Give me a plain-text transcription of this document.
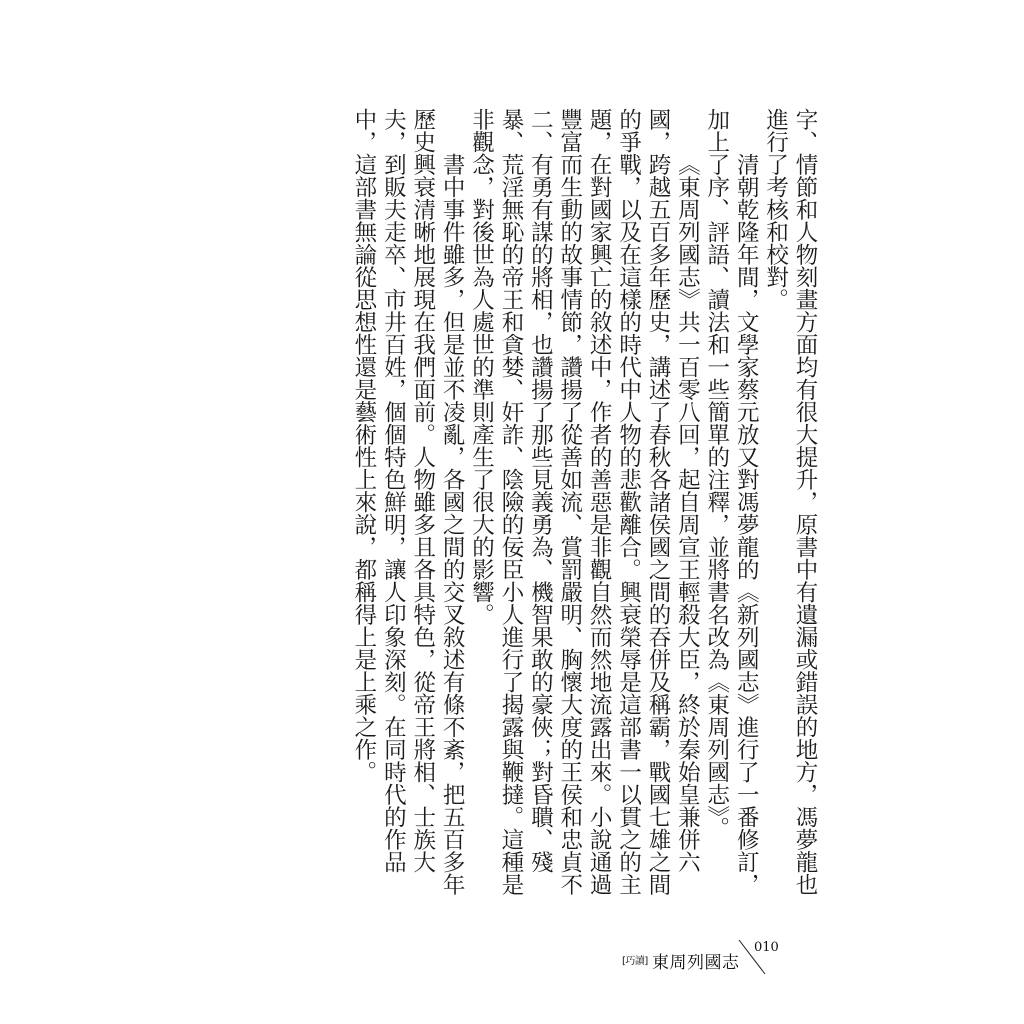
字、情節和人物刻畫方面均有很大提升，原書中有遺漏或錯誤的地方，馮夢龍也進行了考核和校對。

清朝乾隆年間，文學家蔡元放又對馮夢龍的《新列國志》進行了一番修訂，加上了序、評語、讀法和一些簡單的注釋，並將書名改為《東周列國志》。

《東周列國志》共一百零八回，起自周宣王輕殺大臣，終於秦始皇兼併六國，跨越五百多年歷史，講述了春秋各諸侯國之間的吞併及稱霸，戰國七雄之間的爭戰，以及在這樣的時代中人物的悲歡離合。興衰榮辱是這部書一以貫之的主題，在對國家興亡的敘述中，作者的善惡是非觀自然而然地流露出來。小說通過豐富而生動的故事情節，讚揚了從善如流、賞罰嚴明、胸懷大度的王侯和忠貞不二、有勇有謀的將相，也讚揚了那些見義勇為、機智果敢的豪俠；對昏聵、殘暴、荒淫無恥的帝王和貪婪、奸詐、陰險的佞臣小人進行了揭露與鞭撻。這種是非觀念，對後世為人處世的準則產生了很大的影響。

書中事件雖多，但是並不凌亂，各國之間的交叉敘述有條不紊，把五百多年歷史興衰清晰地展現在我們面前。人物雖多且各具特色，從帝王將相、士族大夫，到販夫走卒、市井百姓，個個特色鮮明，讓人印象深刻。在同時代的作品中，這部書無論從思想性還是藝術性上來說，都稱得上是上乘之作。

[巧讀] 東周列國志
010
